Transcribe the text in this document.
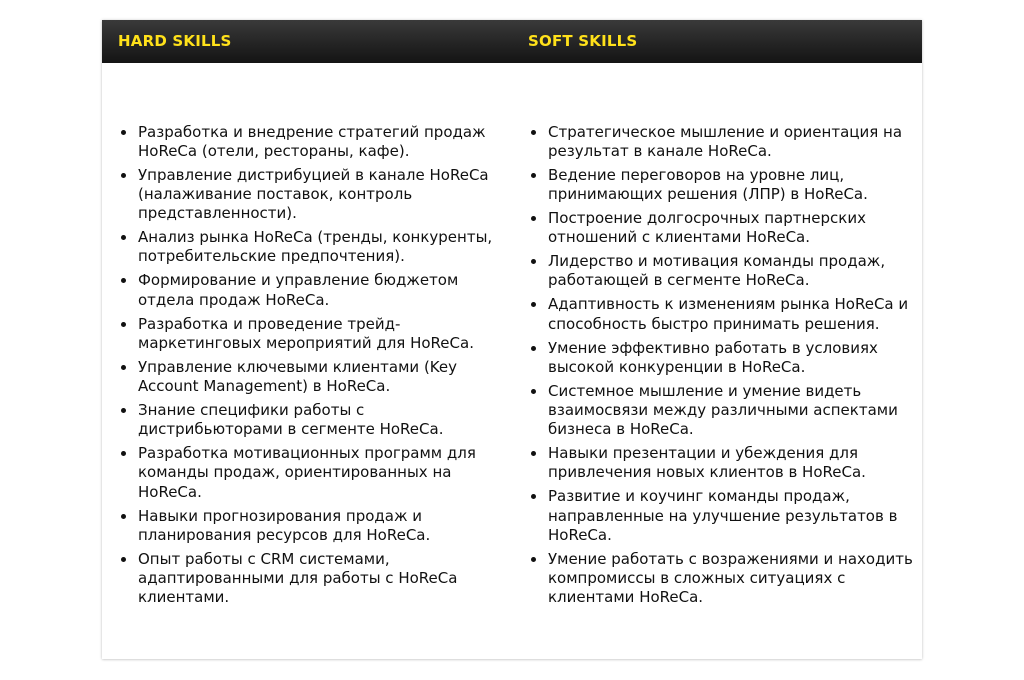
HARD SKILLS	SOFT SKILLS
Разработка и внедрение стратегий продаж HoReCa (отели, рестораны, кафе).
Управление дистрибуцией в канале HoReCa (налаживание поставок, контроль представленности).
Анализ рынка HoReCa (тренды, конкуренты, потребительские предпочтения).
Формирование и управление бюджетом отдела продаж HoReCa.
Разработка и проведение трейд-маркетинговых мероприятий для HoReCa.
Управление ключевыми клиентами (Key Account Management) в HoReCa.
Знание специфики работы с дистрибьюторами в сегменте HoReCa.
Разработка мотивационных программ для команды продаж, ориентированных на HoReCa.
Навыки прогнозирования продаж и планирования ресурсов для HoReCa.
Опыт работы с CRM системами, адаптированными для работы с HoReCa клиентами.
Стратегическое мышление и ориентация на результат в канале HoReCa.
Ведение переговоров на уровне лиц, принимающих решения (ЛПР) в HoReCa.
Построение долгосрочных партнерских отношений с клиентами HoReCa.
Лидерство и мотивация команды продаж, работающей в сегменте HoReCa.
Адаптивность к изменениям рынка HoReCa и способность быстро принимать решения.
Умение эффективно работать в условиях высокой конкуренции в HoReCa.
Системное мышление и умение видеть взаимосвязи между различными аспектами бизнеса в HoReCa.
Навыки презентации и убеждения для привлечения новых клиентов в HoReCa.
Развитие и коучинг команды продаж, направленные на улучшение результатов в HoReCa.
Умение работать с возражениями и находить компромиссы в сложных ситуациях с клиентами HoReCa.
